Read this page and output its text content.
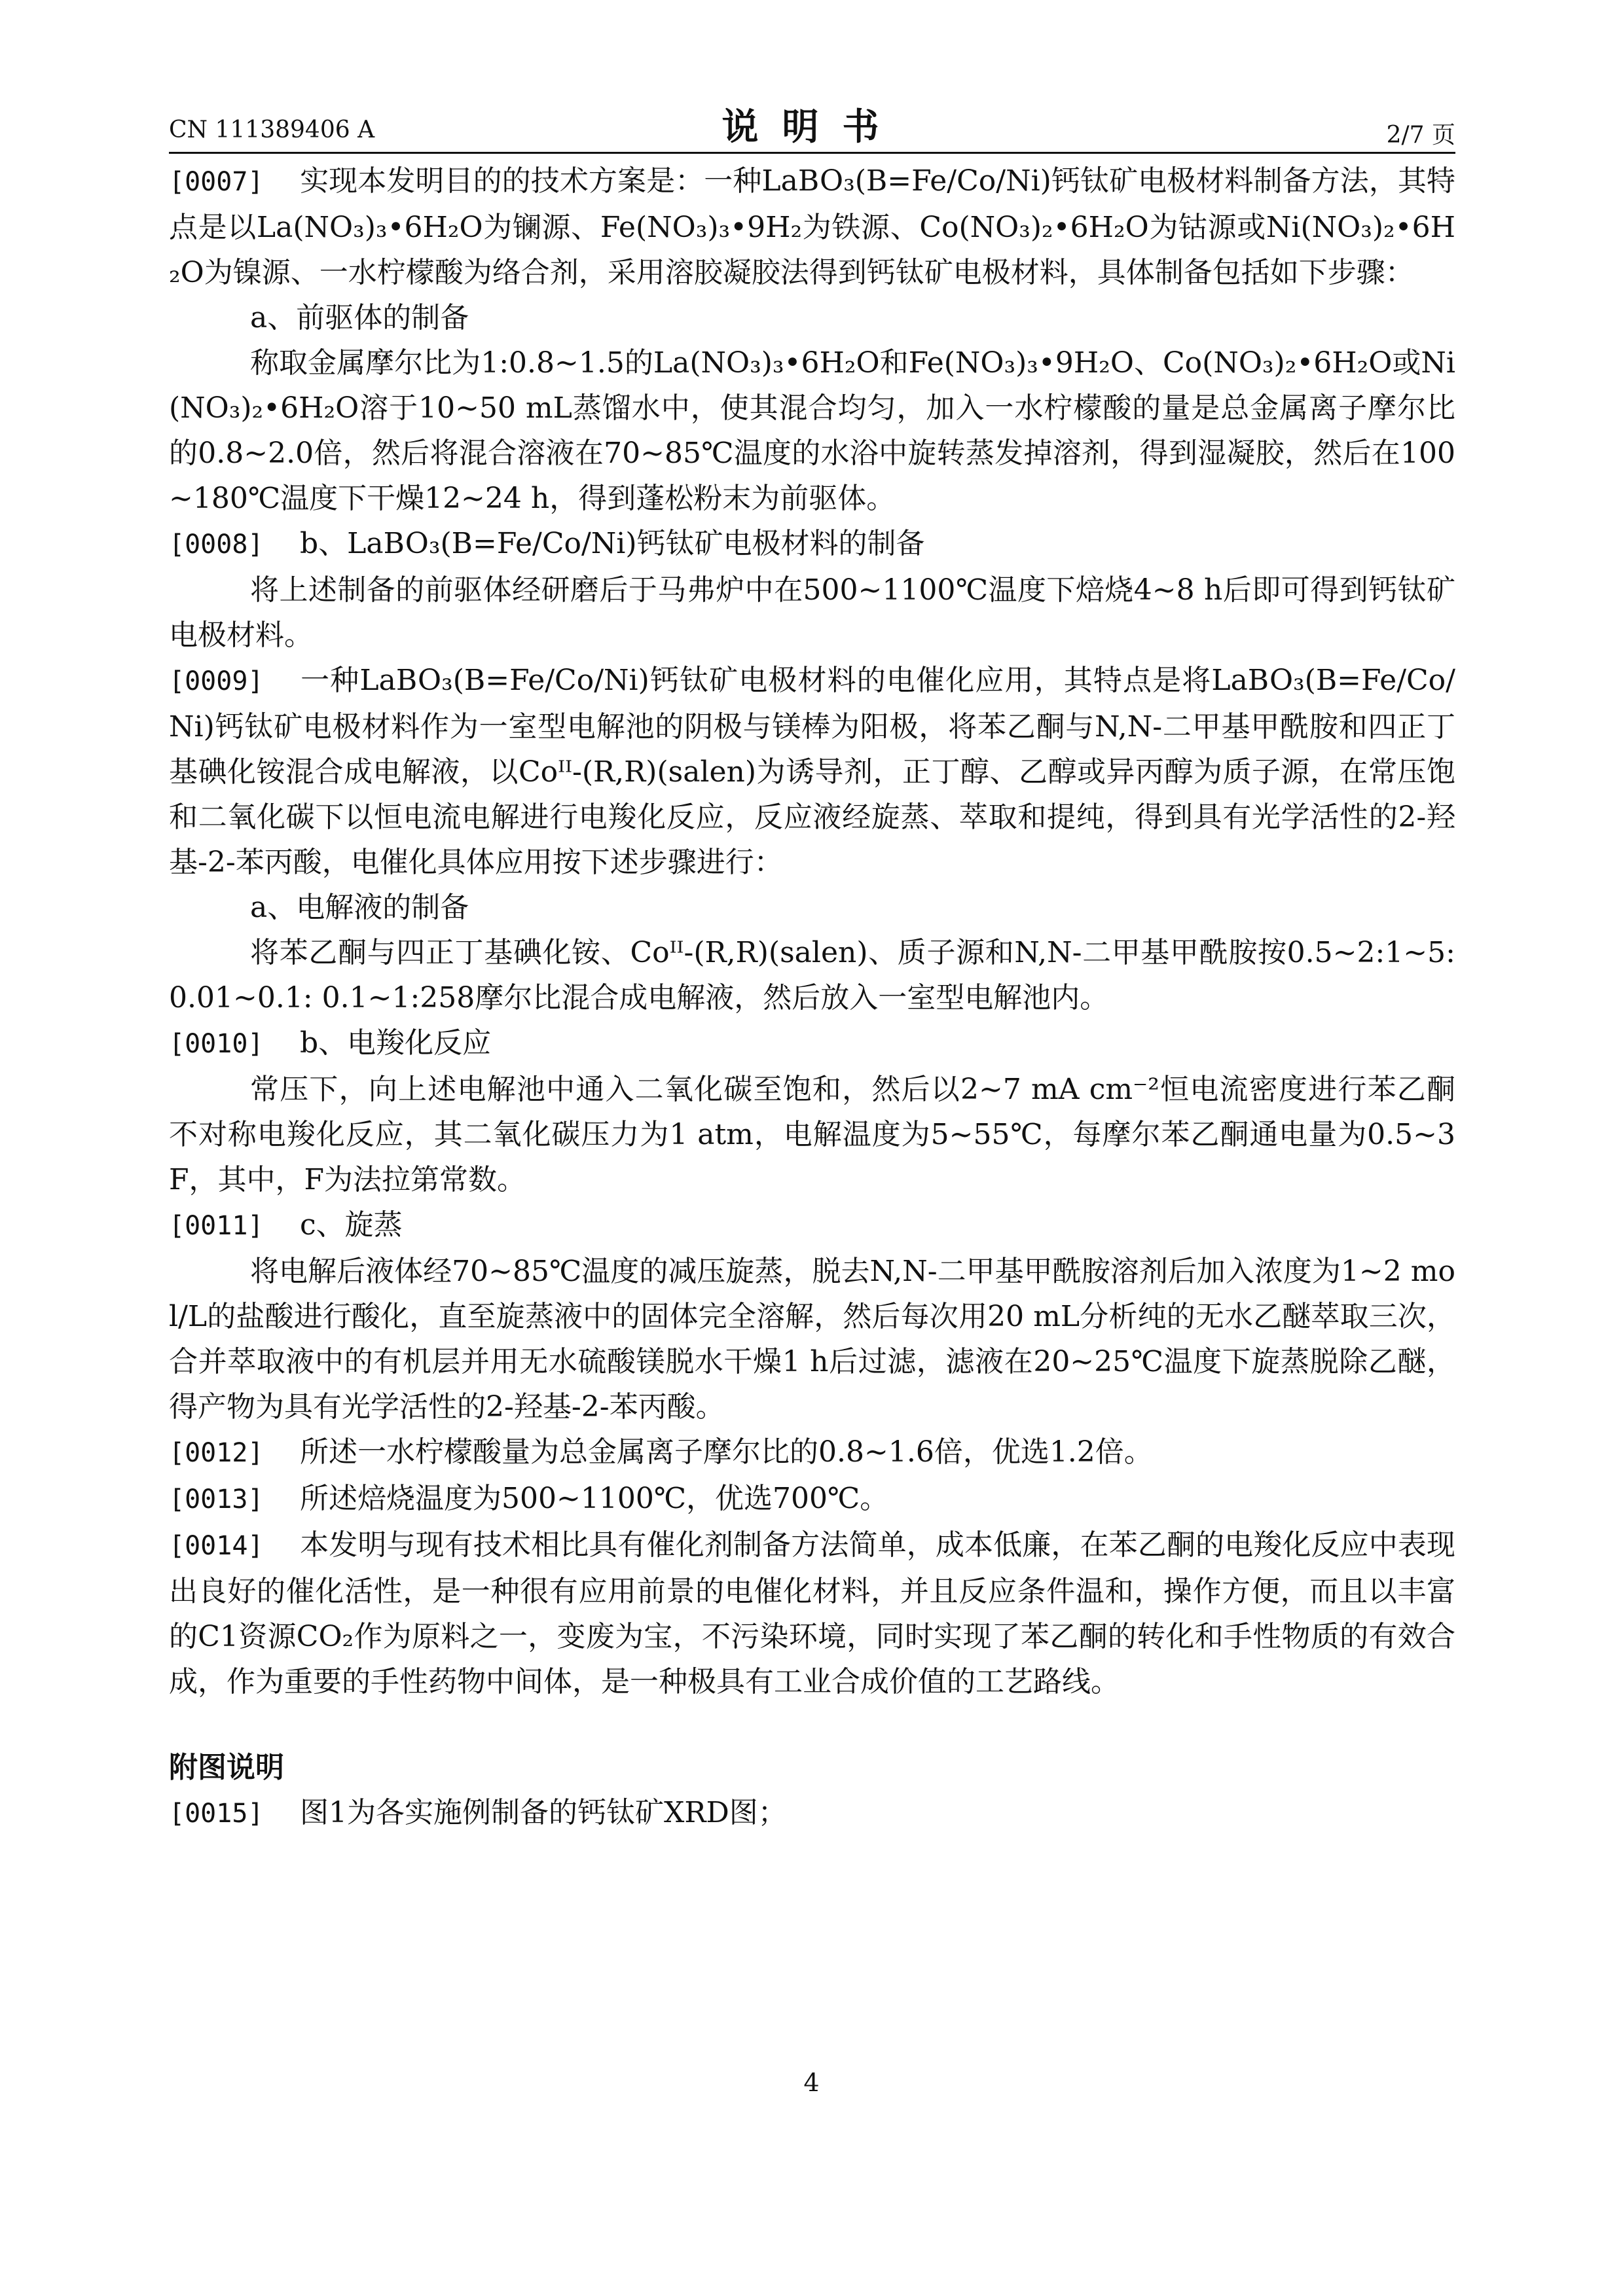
CN 111389406 A	说明书	2/7 页

[0007] 实现本发明目的的技术方案是：一种LaBO₃(B=Fe/Co/Ni)钙钛矿电极材料制备方法，其特点是以La(NO₃)₃•6H₂O为镧源、Fe(NO₃)₃•9H₂为铁源、Co(NO₃)₂•6H₂O为钴源或Ni(NO₃)₂•6H₂O为镍源、一水柠檬酸为络合剂，采用溶胶凝胶法得到钙钛矿电极材料，具体制备包括如下步骤：

a、前驱体的制备

称取金属摩尔比为1:0.8~1.5的La(NO₃)₃•6H₂O和Fe(NO₃)₃•9H₂O、Co(NO₃)₂•6H₂O或Ni(NO₃)₂•6H₂O溶于10~50 mL蒸馏水中，使其混合均匀，加入一水柠檬酸的量是总金属离子摩尔比的0.8~2.0倍，然后将混合溶液在70~85℃温度的水浴中旋转蒸发掉溶剂，得到湿凝胶，然后在100~180℃温度下干燥12~24 h，得到蓬松粉末为前驱体。

[0008] b、LaBO₃(B=Fe/Co/Ni)钙钛矿电极材料的制备

将上述制备的前驱体经研磨后于马弗炉中在500~1100℃温度下焙烧4~8 h后即可得到钙钛矿电极材料。

[0009] 一种LaBO₃(B=Fe/Co/Ni)钙钛矿电极材料的电催化应用，其特点是将LaBO₃(B=Fe/Co/Ni)钙钛矿电极材料作为一室型电解池的阴极与镁棒为阳极，将苯乙酮与N,N-二甲基甲酰胺和四正丁基碘化铵混合成电解液，以Coᴵᴵ-(R,R)(salen)为诱导剂，正丁醇、乙醇或异丙醇为质子源，在常压饱和二氧化碳下以恒电流电解进行电羧化反应，反应液经旋蒸、萃取和提纯，得到具有光学活性的2-羟基-2-苯丙酸，电催化具体应用按下述步骤进行：

a、电解液的制备

将苯乙酮与四正丁基碘化铵、Coᴵᴵ-(R,R)(salen)、质子源和N,N-二甲基甲酰胺按0.5~2:1~5:0.01~0.1: 0.1~1:258摩尔比混合成电解液，然后放入一室型电解池内。

[0010] b、电羧化反应

常压下，向上述电解池中通入二氧化碳至饱和，然后以2~7 mA cm⁻²恒电流密度进行苯乙酮不对称电羧化反应，其二氧化碳压力为1 atm，电解温度为5~55℃，每摩尔苯乙酮通电量为0.5~3 F，其中，F为法拉第常数。

[0011] c、旋蒸

将电解后液体经70~85℃温度的减压旋蒸，脱去N,N-二甲基甲酰胺溶剂后加入浓度为1~2 mol/L的盐酸进行酸化，直至旋蒸液中的固体完全溶解，然后每次用20 mL分析纯的无水乙醚萃取三次，合并萃取液中的有机层并用无水硫酸镁脱水干燥1 h后过滤，滤液在20~25℃温度下旋蒸脱除乙醚，得产物为具有光学活性的2-羟基-2-苯丙酸。

[0012] 所述一水柠檬酸量为总金属离子摩尔比的0.8~1.6倍，优选1.2倍。

[0013] 所述焙烧温度为500~1100℃，优选700℃。

[0014] 本发明与现有技术相比具有催化剂制备方法简单，成本低廉，在苯乙酮的电羧化反应中表现出良好的催化活性，是一种很有应用前景的电催化材料，并且反应条件温和，操作方便，而且以丰富的C1资源CO₂作为原料之一，变废为宝，不污染环境，同时实现了苯乙酮的转化和手性物质的有效合成，作为重要的手性药物中间体，是一种极具有工业合成价值的工艺路线。

附图说明

[0015] 图1为各实施例制备的钙钛矿XRD图；

4
